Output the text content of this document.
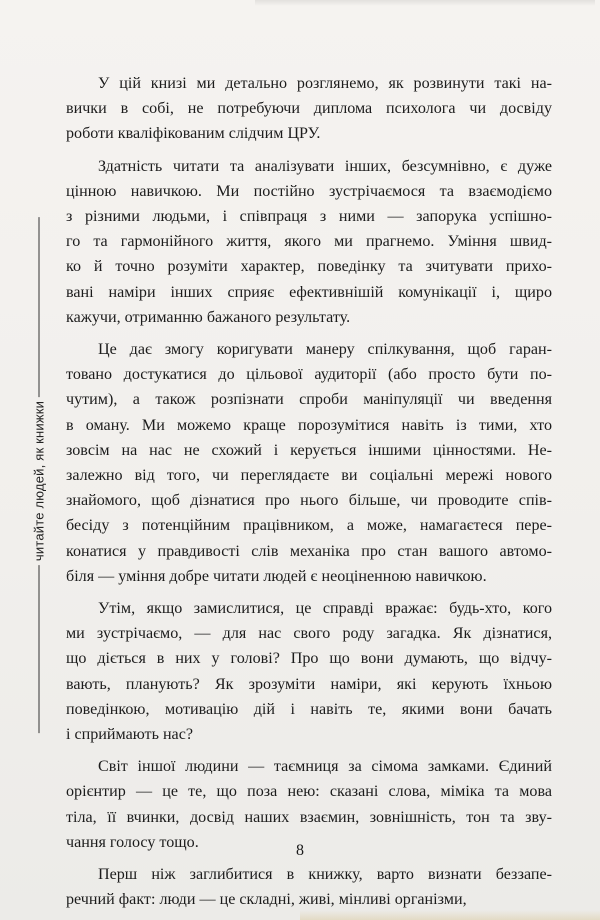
читайте людей, як книжки

У цій книзі ми детально розглянемо, як розвинути такі на-
вички в собі, не потребуючи диплома психолога чи досвіду
роботи кваліфікованим слідчим ЦРУ.

Здатність читати та аналізувати інших, безсумнівно, є дуже
цінною навичкою. Ми постійно зустрічаємося та взаємодіємо
з різними людьми, і співпраця з ними — запорука успішно-
го та гармонійного життя, якого ми прагнемо. Уміння швид-
ко й точно розуміти характер, поведінку та зчитувати прихо-
вані наміри інших сприяє ефективнішій комунікації і, щиро
кажучи, отриманню бажаного результату.

Це дає змогу коригувати манеру спілкування, щоб гаран-
товано достукатися до цільової аудиторії (або просто бути по-
чутим), а також розпізнати спроби маніпуляції чи введення
в оману. Ми можемо краще порозумітися навіть із тими, хто
зовсім на нас не схожий і керується іншими цінностями. Не-
залежно від того, чи переглядаєте ви соціальні мережі нового
знайомого, щоб дізнатися про нього більше, чи проводите спів-
бесіду з потенційним працівником, а може, намагаєтеся пере-
конатися у правдивості слів механіка про стан вашого автомо-
біля — уміння добре читати людей є неоціненною навичкою.

Утім, якщо замислитися, це справді вражає: будь-хто, кого
ми зустрічаємо, — для нас свого роду загадка. Як дізнатися,
що діється в них у голові? Про що вони думають, що відчу-
вають, планують? Як зрозуміти наміри, які керують їхньою
поведінкою, мотивацію дій і навіть те, якими вони бачать
і сприймають нас?

Світ іншої людини — таємниця за сімома замками. Єдиний
орієнтир — це те, що поза нею: сказані слова, міміка та мова
тіла, її вчинки, досвід наших взаємин, зовнішність, тон та зву-
чання голосу тощо.

Перш ніж заглибитися в книжку, варто визнати беззапе-
речний факт: люди — це складні, живі, мінливі організми,

8
